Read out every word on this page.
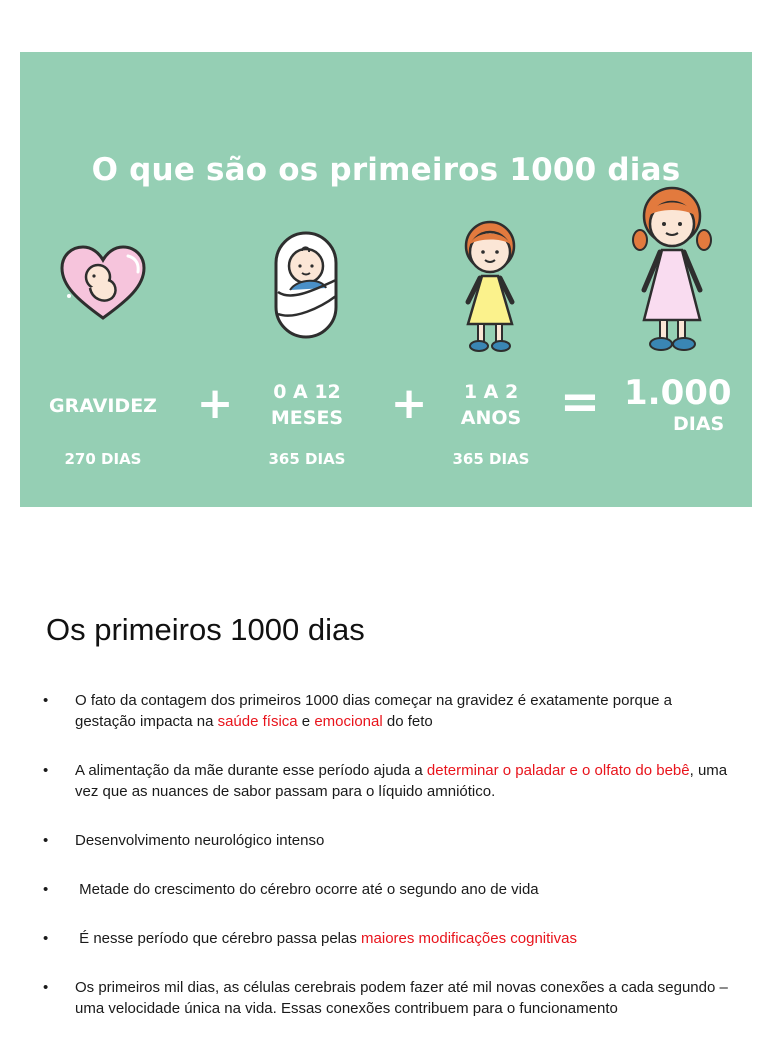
O que são os primeiros 1000 dias
GRAVIDEZ
270 DIAS
+	0 A 12
MESES
365 DIAS
+	1 A 2
ANOS
365 DIAS
= 1.000
DIAS
Os primeiros 1000 dias
• O fato da contagem dos primeiros 1000 dias começar na gravidez é exatamente porque a gestação impacta na saúde física e emocional do feto
• A alimentação da mãe durante esse período ajuda a determinar o paladar e o olfato do bebê, uma vez que as nuances de sabor passam para o líquido amniótico.
• Desenvolvimento neurológico intenso
• Metade do crescimento do cérebro ocorre até o segundo ano de vida
• É nesse período que cérebro passa pelas maiores modificações cognitivas
• Os primeiros mil dias, as células cerebrais podem fazer até mil novas conexões a cada segundo – uma velocidade única na vida. Essas conexões contribuem para o funcionamento
